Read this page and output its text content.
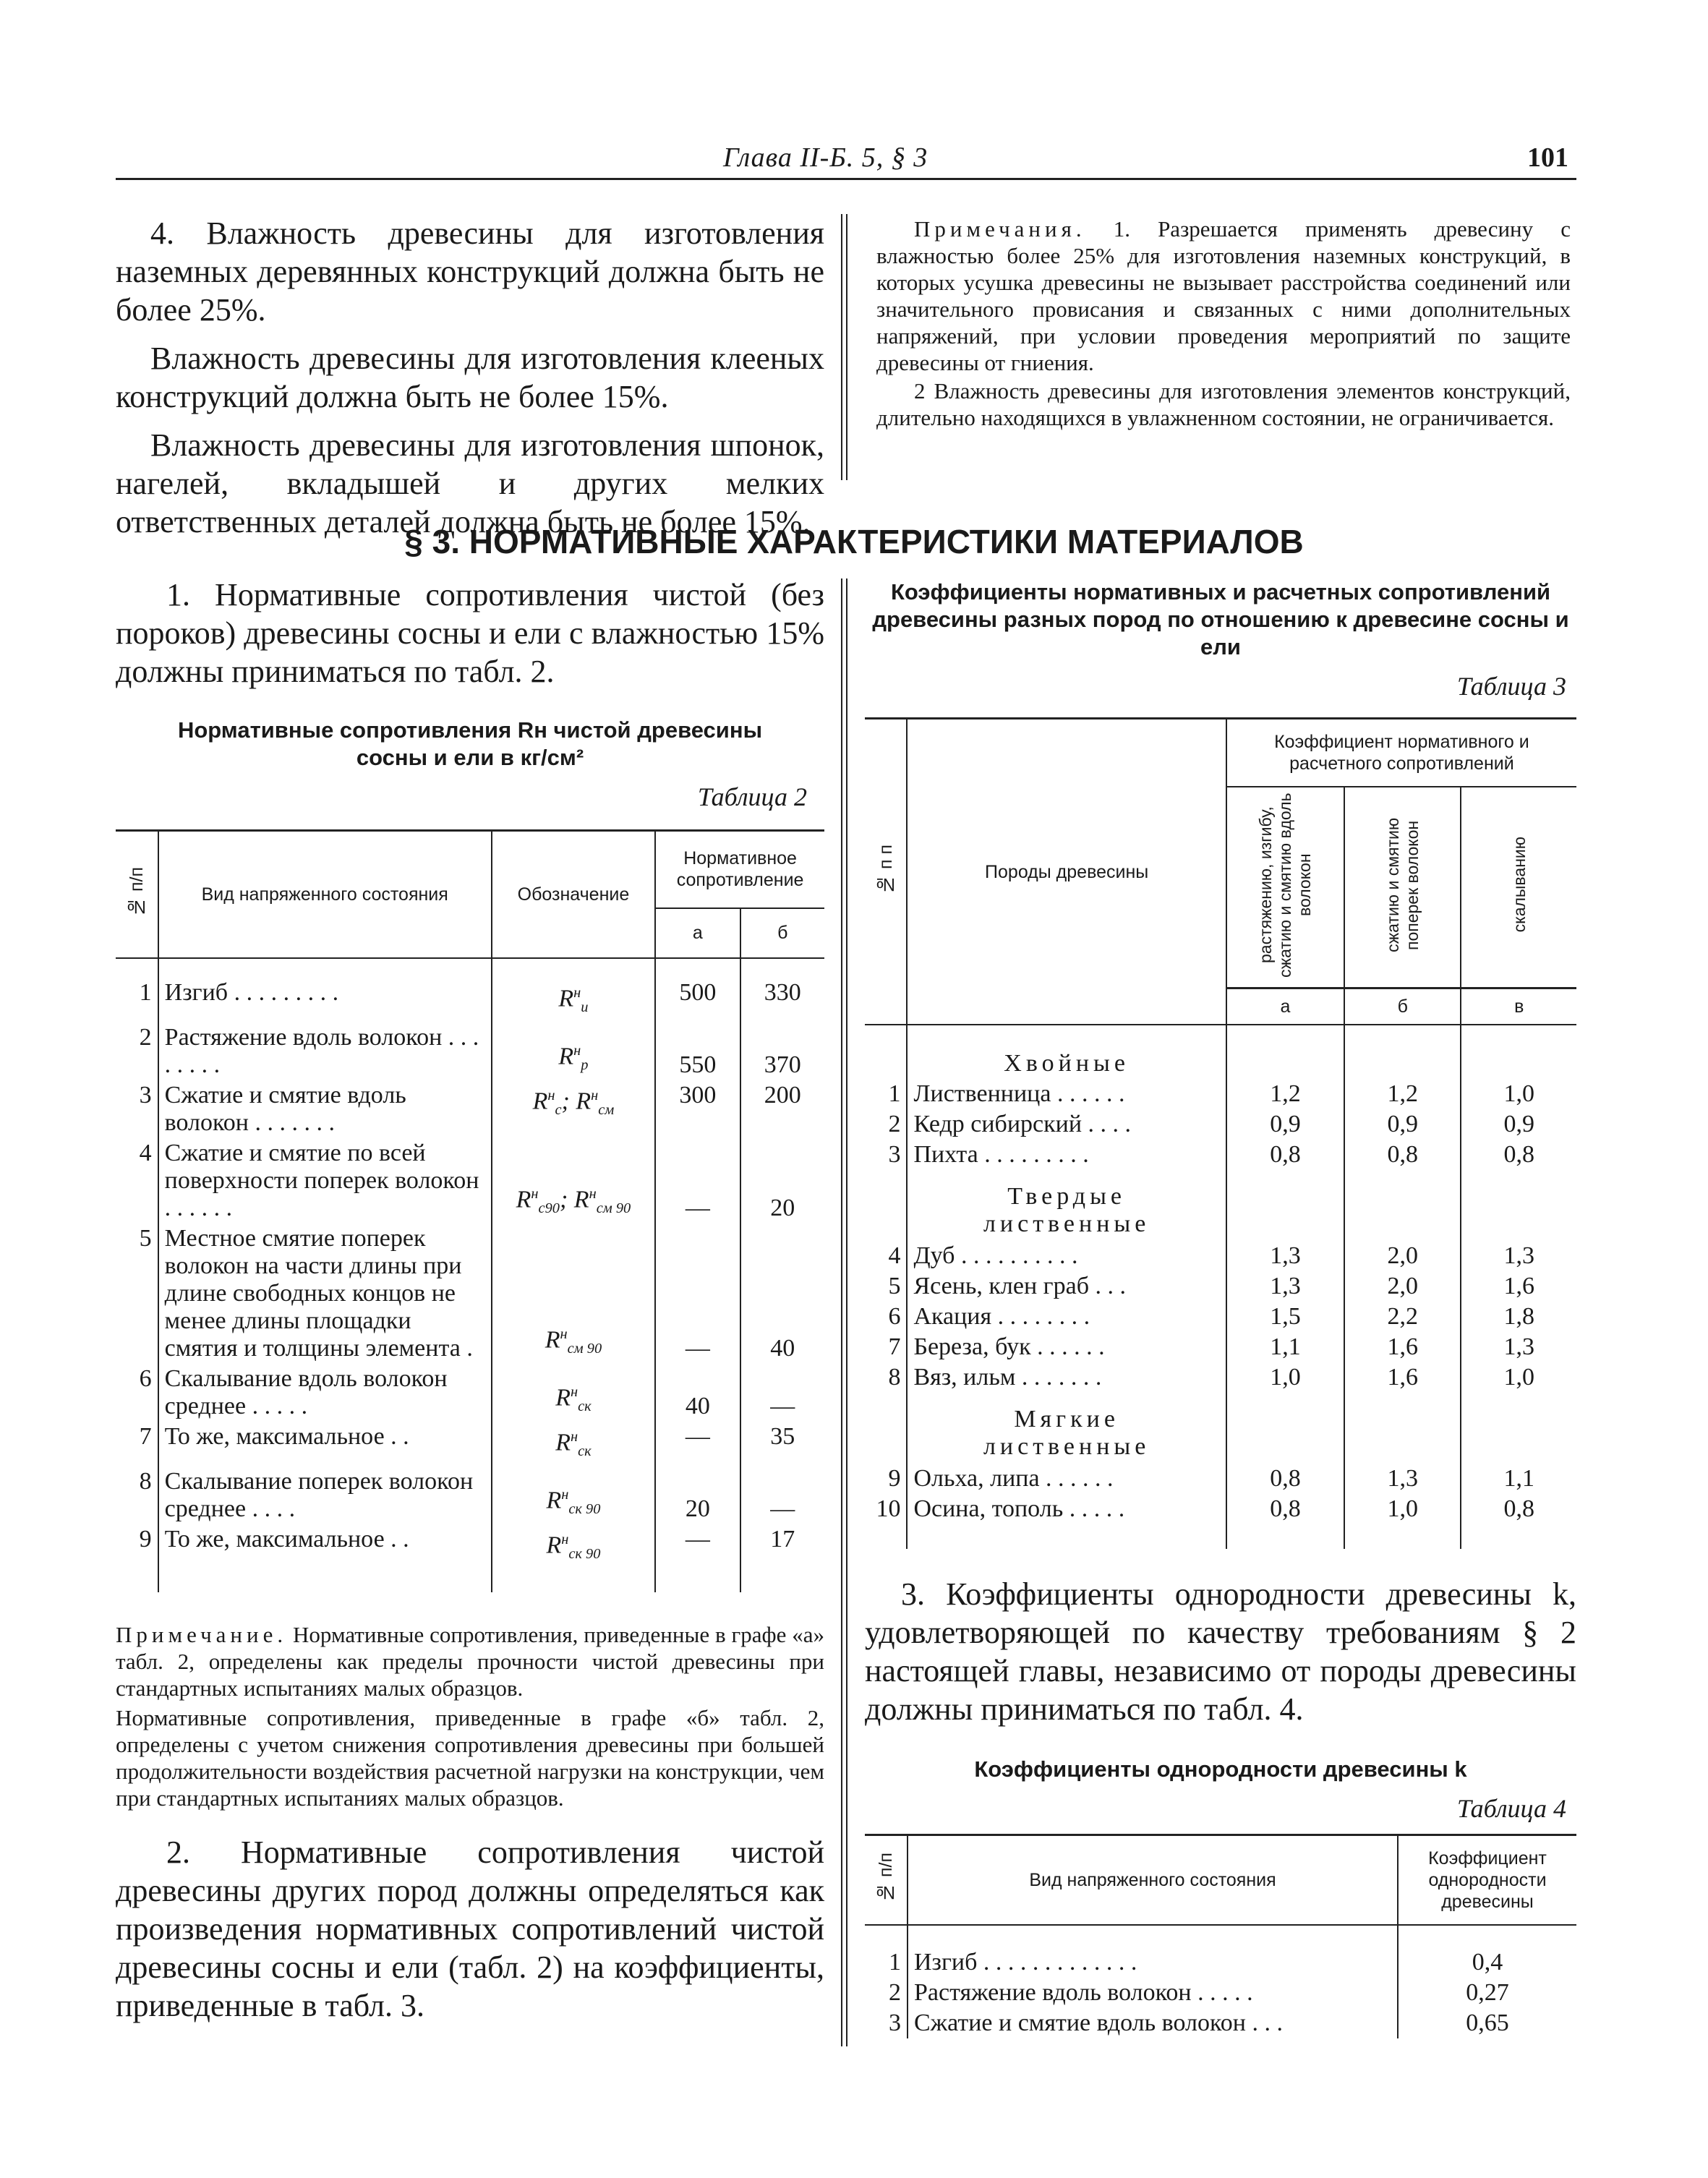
Глава II-Б. 5, § 3	101

4. Влажность древесины для изготовления наземных деревянных конструкций должна быть не более 25%.

Влажность древесины для изготовления клееных конструкций должна быть не более 15%.

Влажность древесины для изготовления шпонок, нагелей, вкладышей и других мелких ответственных деталей должна быть не более 15%.

Примечания. 1. Разрешается применять древесину с влажностью более 25% для изготовления наземных конструкций, в которых усушка древесины не вызывает расстройства соединений или значительного провисания и связанных с ними дополнительных напряжений, при условии проведения мероприятий по защите древесины от гниения.

2 Влажность древесины для изготовления элементов конструкций, длительно находящихся в увлажненном состоянии, не ограничивается.

§ 3. НОРМАТИВНЫЕ ХАРАКТЕРИСТИКИ МАТЕРИАЛОВ

1. Нормативные сопротивления чистой (без пороков) древесины сосны и ели с влажностью 15% должны приниматься по табл. 2.

Нормативные сопротивления Rн чистой древесины
сосны и ели в кг/см²
Таблица 2
№ п/п	Вид напряженного состояния	Обозначение	Нормативное сопротивление	
			а	б

1	Изгиб . . . . . . . . .	$R^н_и$	500	330
2	Растяжение вдоль волокон . . . . . . . .	$R^н_р$	550	370
3	Сжатие и смятие вдоль волокон . . . . . . .	$R^н_с$; $R^н_{см}$	300	200
4	Сжатие и смятие по всей поверхности поперек волокон . . . . . .	$R^н_{с90}$; $R^н_{см 90}$	—	20
5	Местное смятие поперек волокон на части длины при длине свободных концов не менее длины площадки смятия и толщины элемента .	$R^н_{см 90}$	—	40
6	Скалывание вдоль волокон среднее . . . . .	$R^н_{ск}$	40	—
7	То же, максимальное . .	$R^н_{ск}$	—	35
8	Скалывание поперек волокон среднее . . . .	$R^н_{ск 90}$	20	—
9	То же, максимальное . .	$R^н_{ск 90}$	—	17

Примечание. Нормативные сопротивления, приведенные в графе «а» табл. 2, определены как пределы прочности чистой древесины при стандартных испытаниях малых образцов.

Нормативные сопротивления, приведенные в графе «б» табл. 2, определены с учетом снижения сопротивления древесины при большей продолжительности воздействия расчетной нагрузки на конструкции, чем при стандартных испытаниях малых образцов.

2. Нормативные сопротивления чистой древесины других пород должны определяться как произведения нормативных сопротивлений чистой древесины сосны и ели (табл. 2) на коэффициенты, приведенные в табл. 3.

Коэффициенты нормативных и расчетных сопротивлений древесины разных пород по отношению к древесине сосны и ели
Таблица 3
№ п п	Породы древесины	Коэффициент нормативного и расчетного сопротивлений		
		растяжению, изгибу, сжатию и смятию вдоль волокон	сжатию и смятию поперек волокон	скалыванию
		а	б	в

	Хвойные			
1	Лиственница . . . . . .	1,2	1,2	1,0
2	Кедр сибирский . . . .	0,9	0,9	0,9
3	Пихта . . . . . . . . .	0,8	0,8	0,8
	Твердые лиственные			
4	Дуб . . . . . . . . . .	1,3	2,0	1,3
5	Ясень, клен граб . . .	1,3	2,0	1,6
6	Акация . . . . . . . .	1,5	2,2	1,8
7	Береза, бук . . . . . .	1,1	1,6	1,3
8	Вяз, ильм . . . . . . .	1,0	1,6	1,0
	Мягкие лиственные			
9	Ольха, липа . . . . . .	0,8	1,3	1,1
10	Осина, тополь . . . . .	0,8	1,0	0,8

3. Коэффициенты однородности древесины k, удовлетворяющей по качеству требованиям § 2 настоящей главы, независимо от породы древесины должны приниматься по табл. 4.

Коэффициенты однородности древесины k
Таблица 4
№ п/п	Вид напряженного состояния	Коэффициент однородности древесины

1	Изгиб . . . . . . . . . . . . .	0,4
2	Растяжение вдоль волокон . . . . .	0,27
3	Сжатие и смятие вдоль волокон . . .	0,65
